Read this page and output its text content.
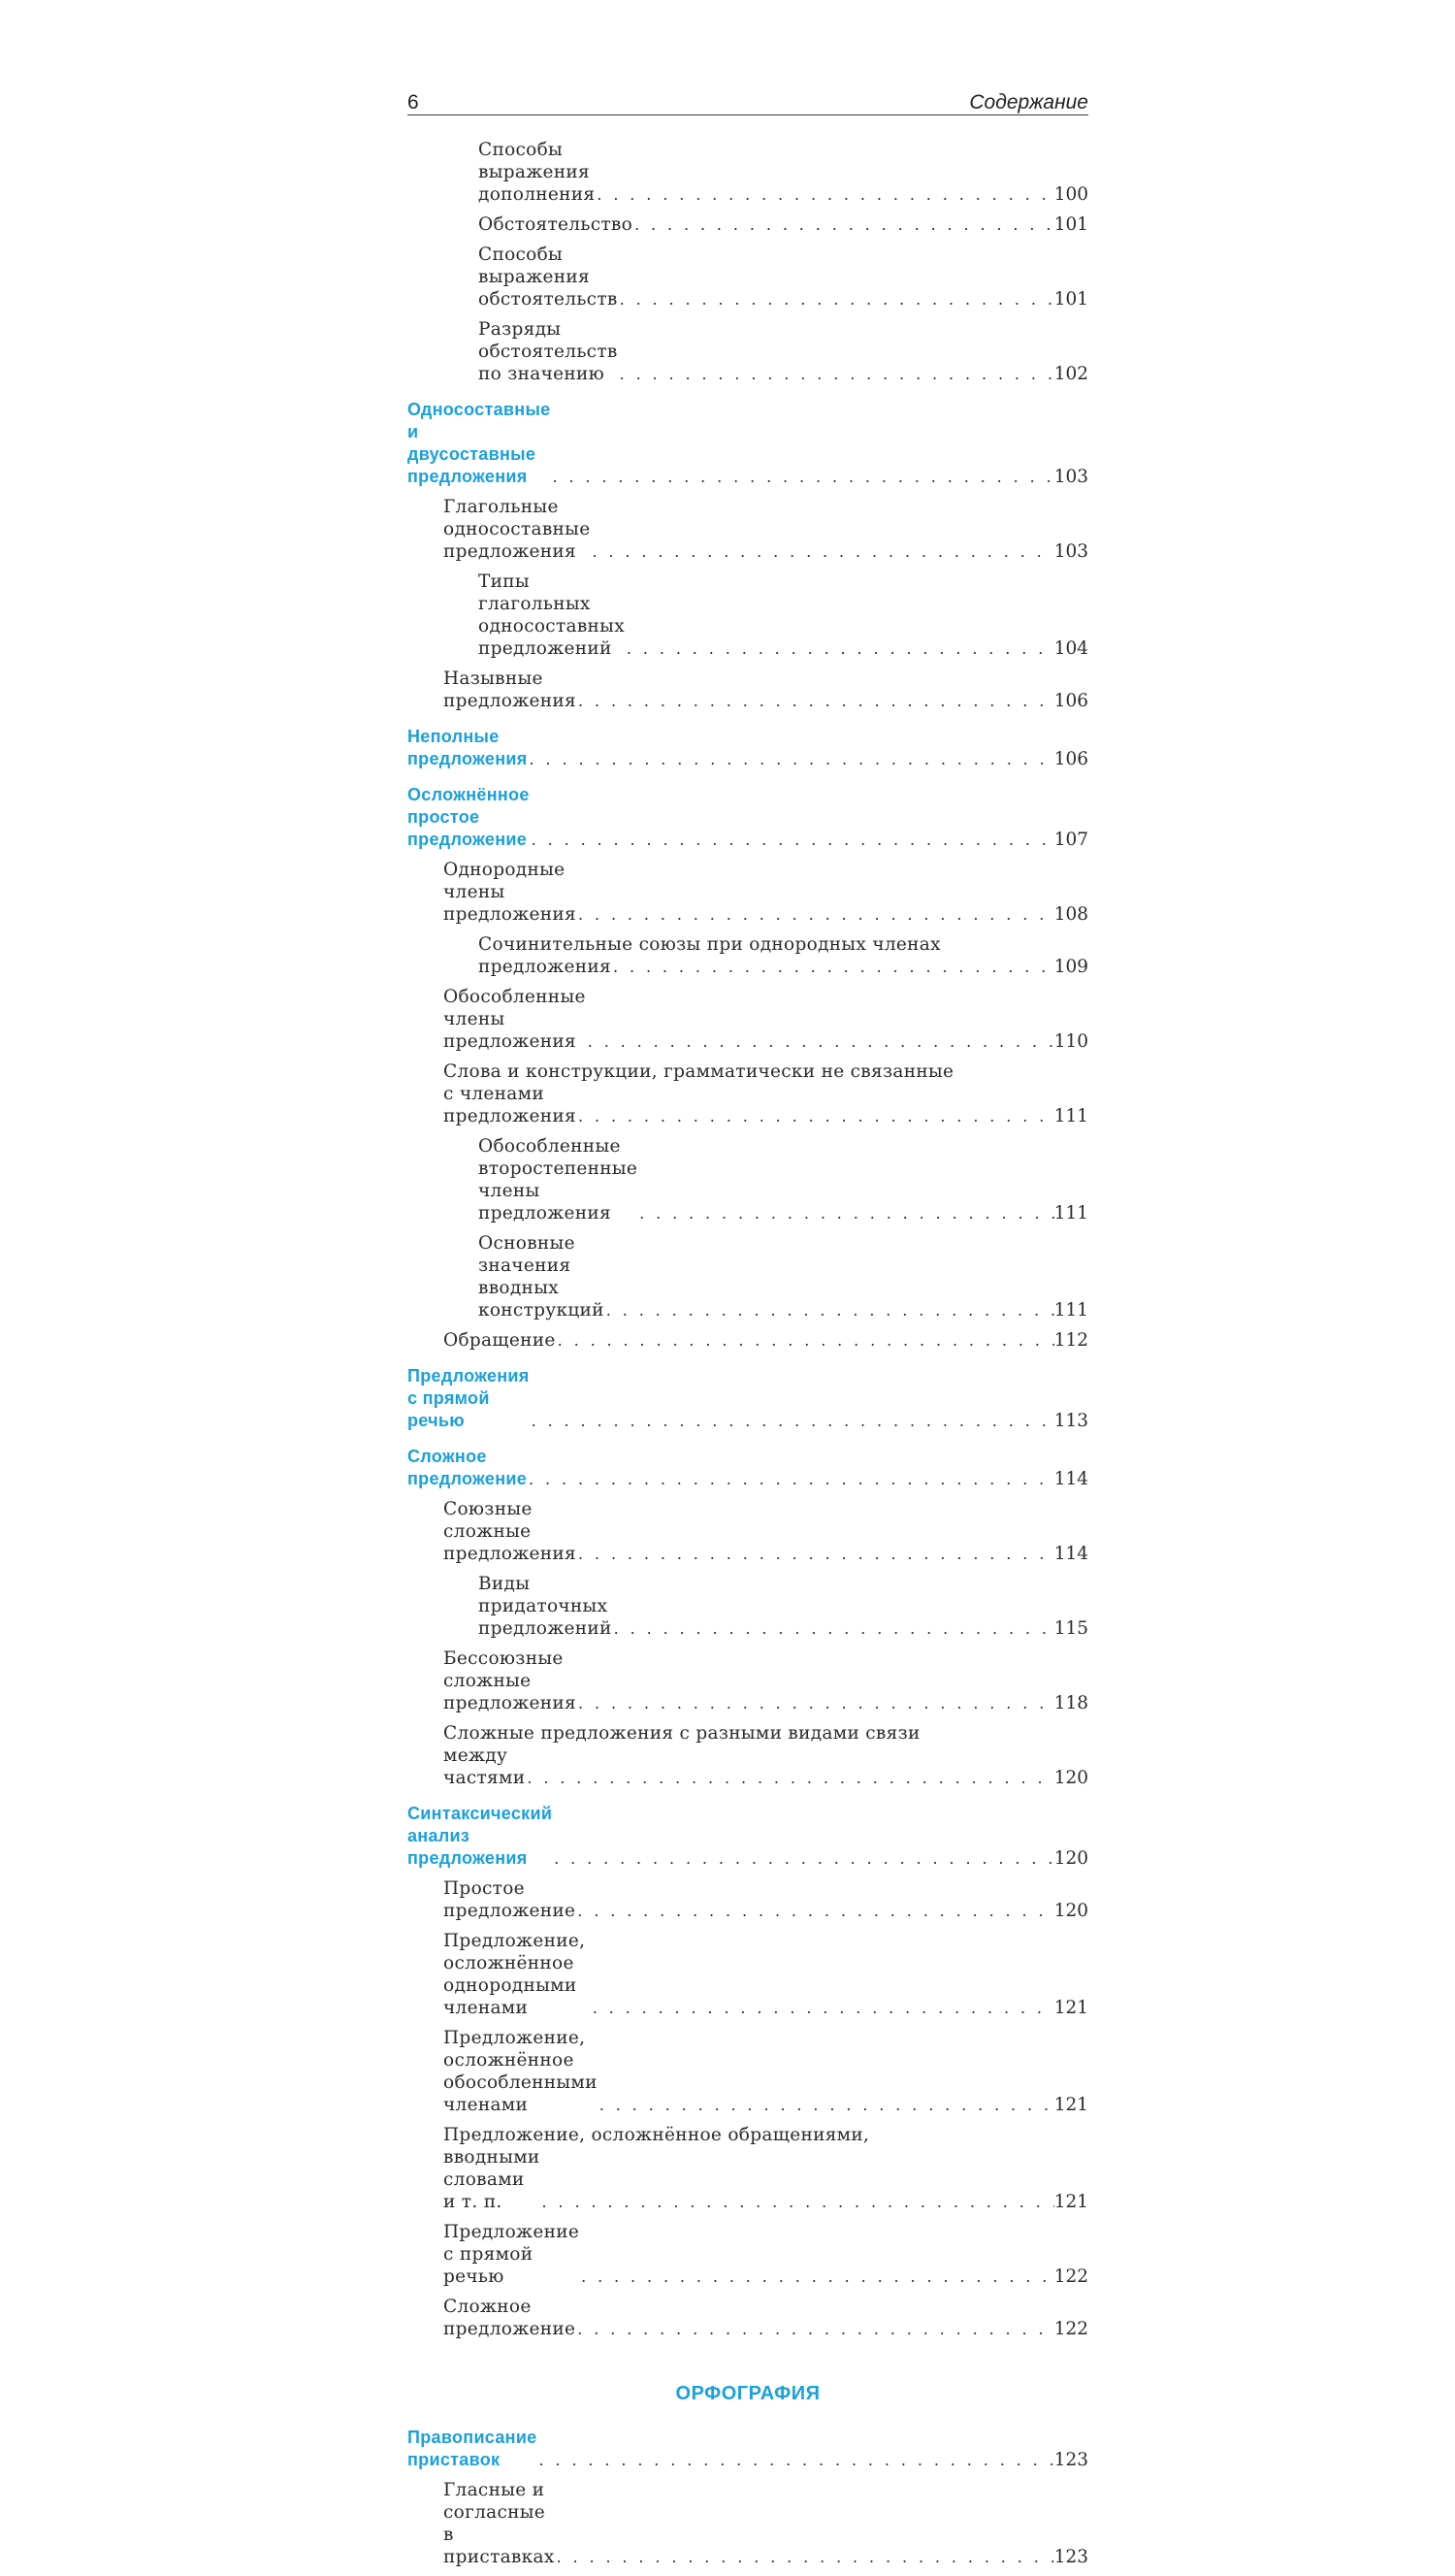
6	Содержание
Способы выражения дополнения . . .	100
Обстоятельство . . .	101
Способы выражения обстоятельств . . .	101
Разряды обстоятельств по значению . . .	102
Односоставные и двусоставные предложения . . .	103
Глагольные односоставные предложения . . .	103
Типы глагольных односоставных предложений . . .	104
Назывные предложения . . .	106
Неполные предложения . . .	106
Осложнённое простое предложение . . .	107
Однородные члены предложения . . .	108
Сочинительные союзы при однородных членах
предложения . . .	109
Обособленные члены предложения . . .	110
Слова и конструкции, грамматически не связанные
с членами предложения . . .	111
Обособленные второстепенные члены предложения . . .	111
Основные значения вводных конструкций . . .	111
Обращение . . .	112
Предложения с прямой речью . . .	113
Сложное предложение . . .	114
Союзные сложные предложения . . .	114
Виды придаточных предложений . . .	115
Бессоюзные сложные предложения . . .	118
Сложные предложения с разными видами связи
между частями . . .	120
Синтаксический анализ предложения . . .	120
Простое предложение . . .	120
Предложение, осложнённое однородными членами . . .	121
Предложение, осложнённое обособленными членами . . .	121
Предложение, осложнённое обращениями,
вводными словами и т. п. . . .	121
Предложение с прямой речью . . .	122
Сложное предложение . . .	122
ОРФОГРАФИЯ
Правописание приставок . . .	123
Гласные и согласные в приставках . . .	123
